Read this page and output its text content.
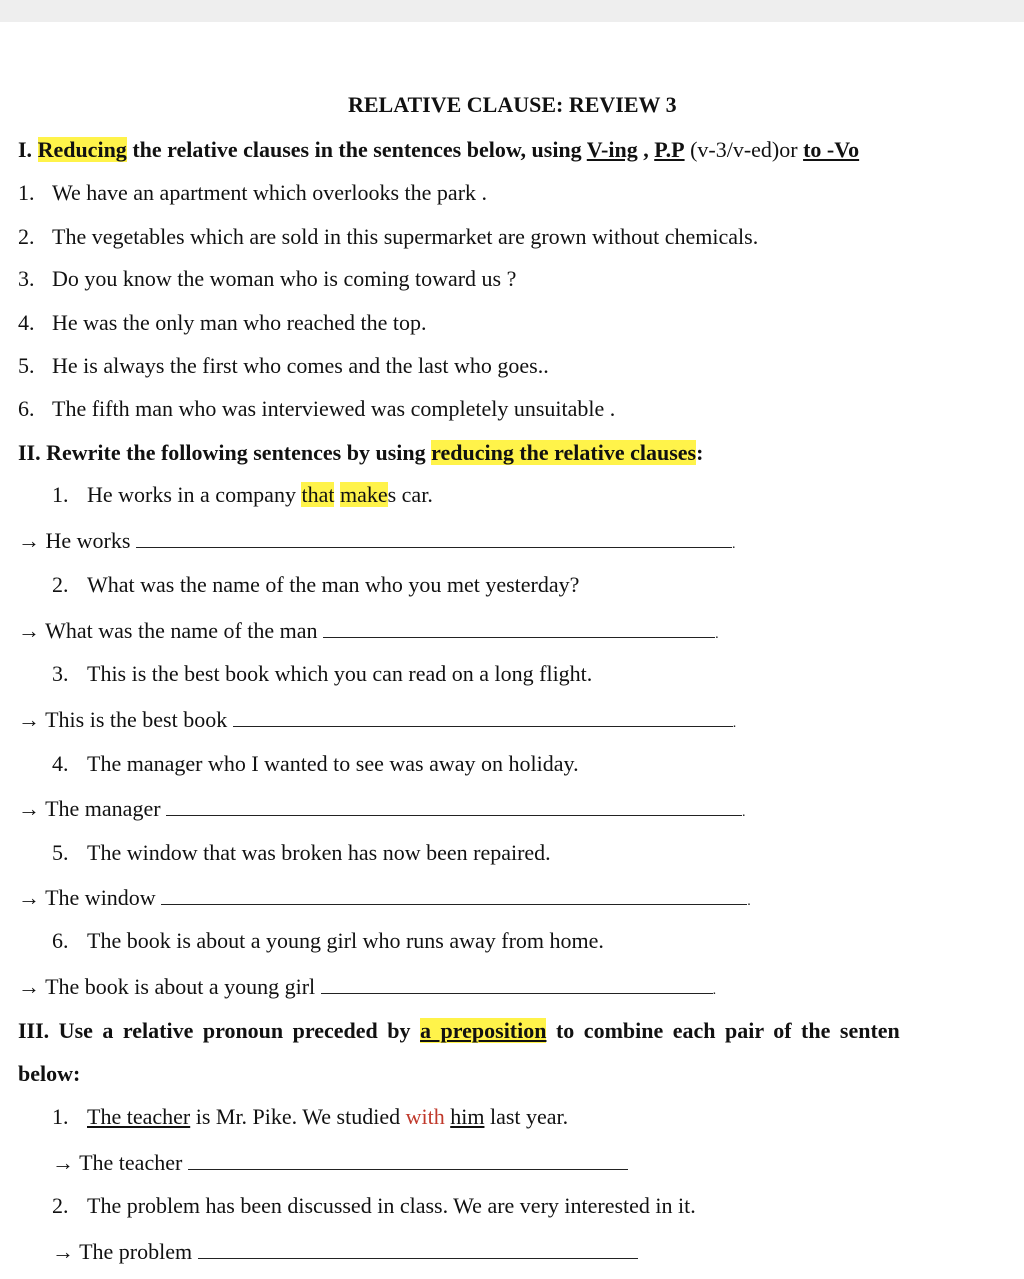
RELATIVE CLAUSE: REVIEW 3
I. Reducing the relative clauses in the sentences below, using V-ing , P.P (v-3/v-ed)or to -Vo
1. We have an apartment which overlooks the park .
2. The vegetables which are sold in this supermarket are grown without chemicals.
3. Do you know the woman who is coming toward us ?
4. He was the only man who reached the top.
5. He is always the first who comes and the last who goes..
6. The fifth man who was interviewed was completely unsuitable .
II. Rewrite the following sentences by using reducing the relative clauses:
1. He works in a company that makes car.
→ He works	.
2. What was the name of the man who you met yesterday?
→ What was the name of the man	.
3. This is the best book which you can read on a long flight.
→ This is the best book	.
4. The manager who I wanted to see was away on holiday.
→ The manager	.
5. The window that was broken has now been repaired.
→ The window	.
6. The book is about a young girl who runs away from home.
→ The book is about a young girl	.
III. Use a relative pronoun preceded by a preposition to combine each pair of the senten
below:
1. The teacher is Mr. Pike. We studied with him last year.
→ The teacher
2. The problem has been discussed in class. We are very interested in it.
→ The problem
